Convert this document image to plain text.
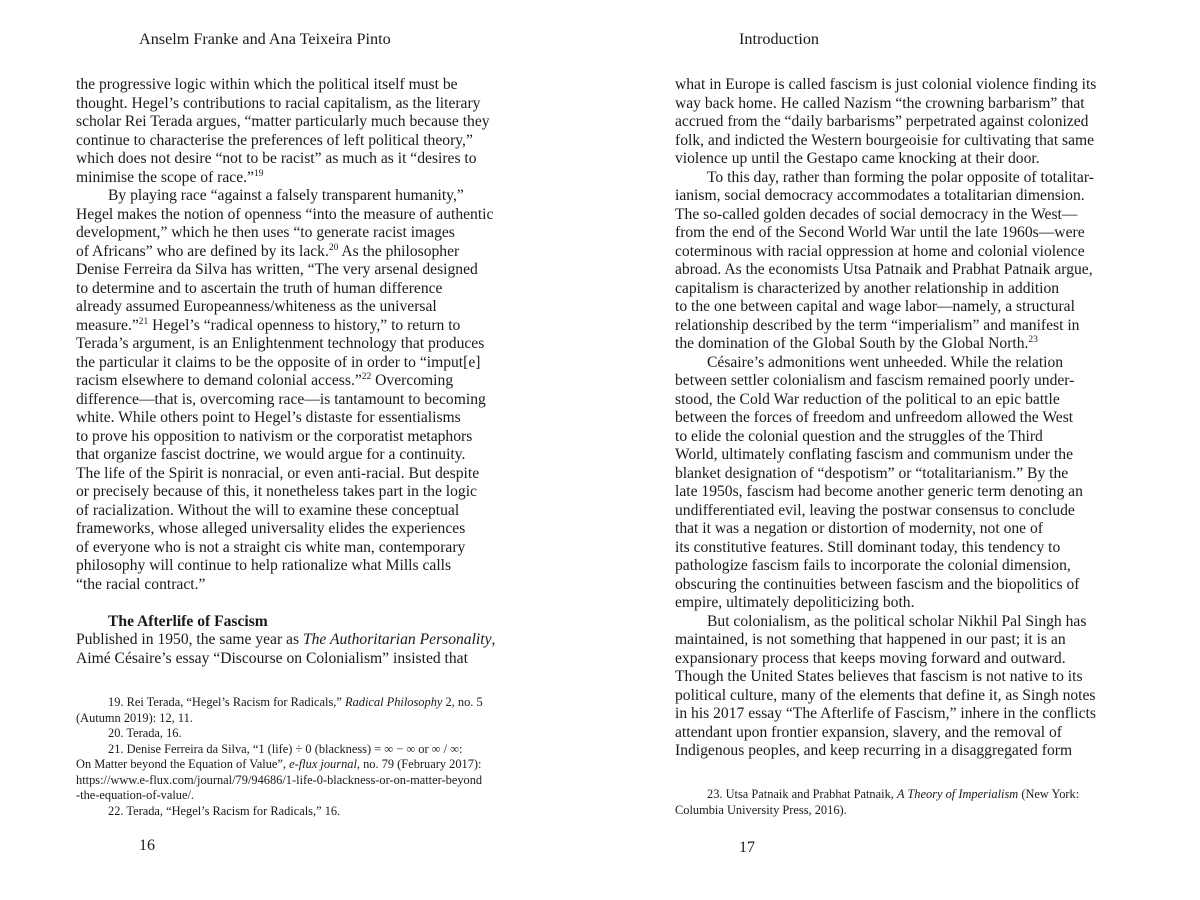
Anselm Franke and Ana Teixeira Pinto
the progressive logic within which the political itself must be
thought. Hegel’s contributions to racial capitalism, as the literary
scholar Rei Terada argues, “matter particularly much because they
continue to characterise the preferences of left political theory,”
which does not desire “not to be racist” as much as it “desires to
minimise the scope of race.”$^{19}$
By playing race “against a falsely transparent humanity,”
Hegel makes the notion of openness “into the measure of authentic
development,” which he then uses “to generate racist images
of Africans” who are defined by its lack.$^{20}$ As the philosopher
Denise Ferreira da Silva has written, “The very arsenal designed
to determine and to ascertain the truth of human difference
already assumed Europeanness/whiteness as the universal
measure.”$^{21}$ Hegel’s “radical openness to history,” to return to
Terada’s argument, is an Enlightenment technology that produces
the particular it claims to be the opposite of in order to “imput[e]
racism elsewhere to demand colonial access.”$^{22}$ Overcoming
difference—that is, overcoming race—is tantamount to becoming
white. While others point to Hegel’s distaste for essentialisms
to prove his opposition to nativism or the corporatist metaphors
that organize fascist doctrine, we would argue for a continuity.
The life of the Spirit is nonracial, or even anti-racial. But despite
or precisely because of this, it nonetheless takes part in the logic
of racialization. Without the will to examine these conceptual
frameworks, whose alleged universality elides the experiences
of everyone who is not a straight cis white man, contemporary
philosophy will continue to help rationalize what Mills calls
“the racial contract.”
The Afterlife of Fascism
Published in 1950, the same year as The Authoritarian Personality,
Aimé Césaire’s essay “Discourse on Colonialism” insisted that
19. Rei Terada, “Hegel’s Racism for Radicals,” Radical Philosophy 2, no. 5
(Autumn 2019): 12, 11.
20. Terada, 16.
21. Denise Ferreira da Silva, “1 (life) ÷ 0 (blackness) = ∞ − ∞ or ∞ / ∞:
On Matter beyond the Equation of Value”, e-flux journal, no. 79 (February 2017):
https://www.e-flux.com/journal/79/94686/1-life-0-blackness-or-on-matter-beyond
-the-equation-of-value/.
22. Terada, “Hegel’s Racism for Radicals,” 16.
16
Introduction
what in Europe is called fascism is just colonial violence finding its
way back home. He called Nazism “the crowning barbarism” that
accrued from the “daily barbarisms” perpetrated against colonized
folk, and indicted the Western bourgeoisie for cultivating that same
violence up until the Gestapo came knocking at their door.
To this day, rather than forming the polar opposite of totalitar-
ianism, social democracy accommodates a totalitarian dimension.
The so-called golden decades of social democracy in the West—
from the end of the Second World War until the late 1960s—were
coterminous with racial oppression at home and colonial violence
abroad. As the economists Utsa Patnaik and Prabhat Patnaik argue,
capitalism is characterized by another relationship in addition
to the one between capital and wage labor—namely, a structural
relationship described by the term “imperialism” and manifest in
the domination of the Global South by the Global North.$^{23}$
Césaire’s admonitions went unheeded. While the relation
between settler colonialism and fascism remained poorly under-
stood, the Cold War reduction of the political to an epic battle
between the forces of freedom and unfreedom allowed the West
to elide the colonial question and the struggles of the Third
World, ultimately conflating fascism and communism under the
blanket designation of “despotism” or “totalitarianism.” By the
late 1950s, fascism had become another generic term denoting an
undifferentiated evil, leaving the postwar consensus to conclude
that it was a negation or distortion of modernity, not one of
its constitutive features. Still dominant today, this tendency to
pathologize fascism fails to incorporate the colonial dimension,
obscuring the continuities between fascism and the biopolitics of
empire, ultimately depoliticizing both.
But colonialism, as the political scholar Nikhil Pal Singh has
maintained, is not something that happened in our past; it is an
expansionary process that keeps moving forward and outward.
Though the United States believes that fascism is not native to its
political culture, many of the elements that define it, as Singh notes
in his 2017 essay “The Afterlife of Fascism,” inhere in the conflicts
attendant upon frontier expansion, slavery, and the removal of
Indigenous peoples, and keep recurring in a disaggregated form
23. Utsa Patnaik and Prabhat Patnaik, A Theory of Imperialism (New York:
Columbia University Press, 2016).
17
